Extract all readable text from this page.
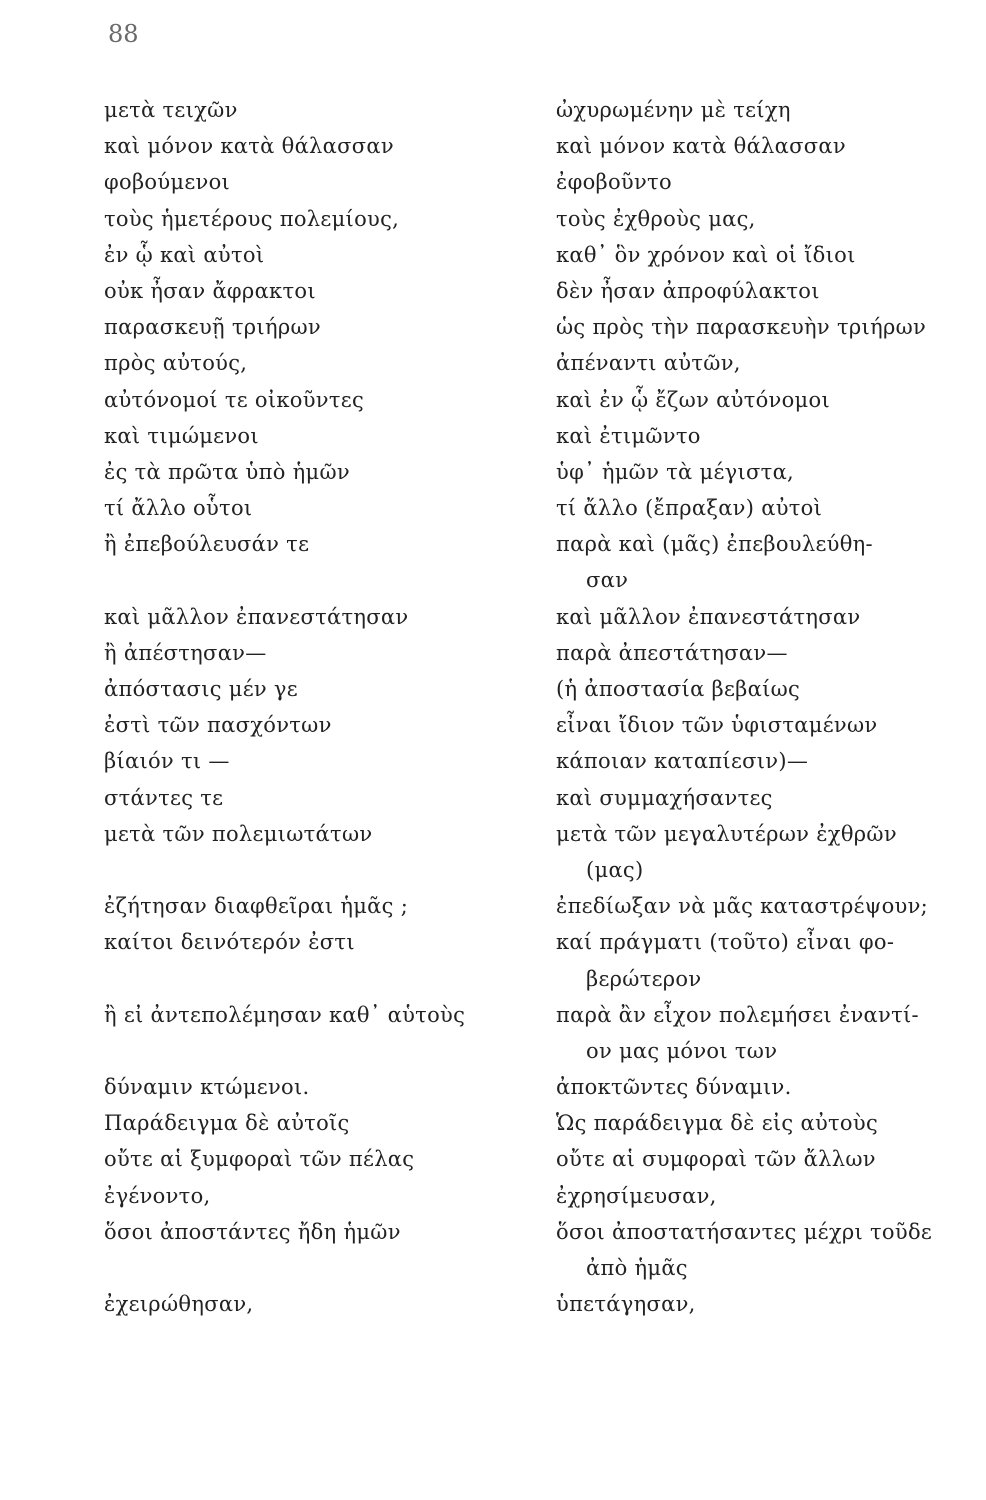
88
μετὰ τειχῶν
καὶ μόνον κατὰ θάλασσαν
φοβούμενοι
τοὺς ἡμετέρους πολεμίους,
ἐν ᾧ καὶ αὐτοὶ
οὐκ ἦσαν ἄφρακτοι
παρασκευῇ τριήρων
πρὸς αὐτούς,
αὐτόνομοί τε οἰκοῦντες
καὶ τιμώμενοι
ἐς τὰ πρῶτα ὑπὸ ἡμῶν
τί ἄλλο οὗτοι
ἢ ἐπεβούλευσάν τε
καὶ μᾶλλον ἐπανεστάτησαν
ἢ ἀπέστησαν—
ἀπόστασις μέν γε
ἐστὶ τῶν πασχόντων
βίαιόν τι —
στάντες τε
μετὰ τῶν πολεμιωτάτων
ἐζήτησαν διαφθεῖραι ἡμᾶς ;
καίτοι δεινότερόν ἐστι
ἢ εἰ ἀντεπολέμησαν καθ᾽ αὑτοὺς
δύναμιν κτώμενοι.
Παράδειγμα δὲ αὐτοῖς
οὔτε αἱ ξυμφοραὶ τῶν πέλας
ἐγένοντο,
ὅσοι ἀποστάντες ἤδη ἡμῶν
ἐχειρώθησαν,
ὠχυρωμένην μὲ τείχη
καὶ μόνον κατὰ θάλασσαν
ἐφοβοῦντο
τοὺς ἐχθροὺς μας,
καθ᾽ ὃν χρόνον καὶ οἱ ἴδιοι
δὲν ἦσαν ἀπροφύλακτοι
ὡς πρὸς τὴν παρασκευὴν τριήρων
ἀπέναντι αὐτῶν,
καὶ ἐν ᾧ ἔζων αὐτόνομοι
καὶ ἐτιμῶντο
ὑφ᾽ ἡμῶν τὰ μέγιστα,
τί ἄλλο (ἔπραξαν) αὐτοὶ
παρὰ καὶ (μᾶς) ἐπεβουλεύθη-
σαν
καὶ μᾶλλον ἐπανεστάτησαν
παρὰ ἀπεστάτησαν—
(ἡ ἀποστασία βεβαίως
εἶναι ἴδιον τῶν ὑφισταμένων
κάποιαν καταπίεσιν)—
καὶ συμμαχήσαντες
μετὰ τῶν μεγαλυτέρων ἐχθρῶν
(μας)
ἐπεδίωξαν νὰ μᾶς καταστρέψουν;
καί πράγματι (τοῦτο) εἶναι φο-
βερώτερον
παρὰ ἂν εἶχον πολεμήσει ἐναντί-
ον μας μόνοι των
ἀποκτῶντες δύναμιν.
Ὡς παράδειγμα δὲ εἰς αὐτοὺς
οὔτε αἱ συμφοραὶ τῶν ἄλλων
ἐχρησίμευσαν,
ὅσοι ἀποστατήσαντες μέχρι τοῦδε
ἀπὸ ἡμᾶς
ὑπετάγησαν,
